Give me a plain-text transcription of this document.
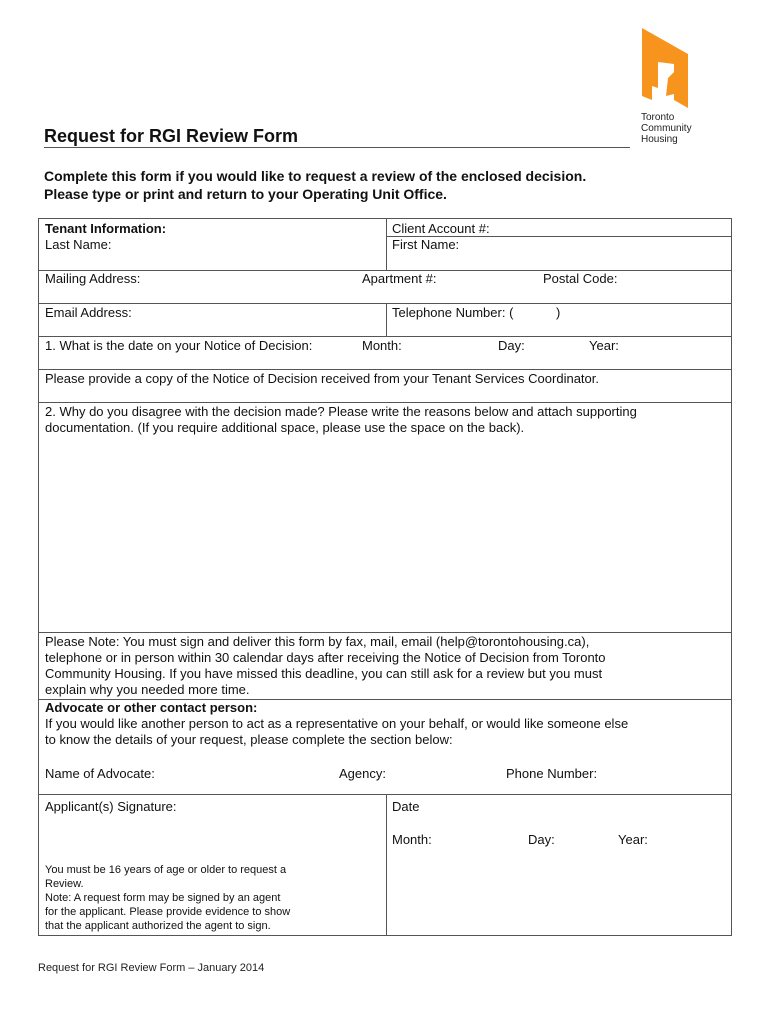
Toronto
Community
Housing
Request for RGI Review Form
Complete this form if you would like to request a review of the enclosed decision.
Please type or print and return to your Operating Unit Office.
Tenant Information:
Last Name:
Client Account #:
First Name:
Mailing Address:	Apartment #:	Postal Code:
Email Address:	Telephone Number: (	)
1. What is the date on your Notice of Decision:	Month:	Day:	Year:
Please provide a copy of the Notice of Decision received from your Tenant Services Coordinator.
2. Why do you disagree with the decision made? Please write the reasons below and attach supporting
documentation. (If you require additional space, please use the space on the back).
Please Note: You must sign and deliver this form by fax, mail, email (help@torontohousing.ca),
telephone or in person within 30 calendar days after receiving the Notice of Decision from Toronto
Community Housing. If you have missed this deadline, you can still ask for a review but you must
explain why you needed more time.
Advocate or other contact person:
If you would like another person to act as a representative on your behalf, or would like someone else
to know the details of your request, please complete the section below:
Name of Advocate:	Agency:	Phone Number:
Applicant(s) Signature:	Date
Month:	Day:	Year:
You must be 16 years of age or older to request a
Review.
Note: A request form may be signed by an agent
for the applicant. Please provide evidence to show
that the applicant authorized the agent to sign.
Request for RGI Review Form – January 2014
